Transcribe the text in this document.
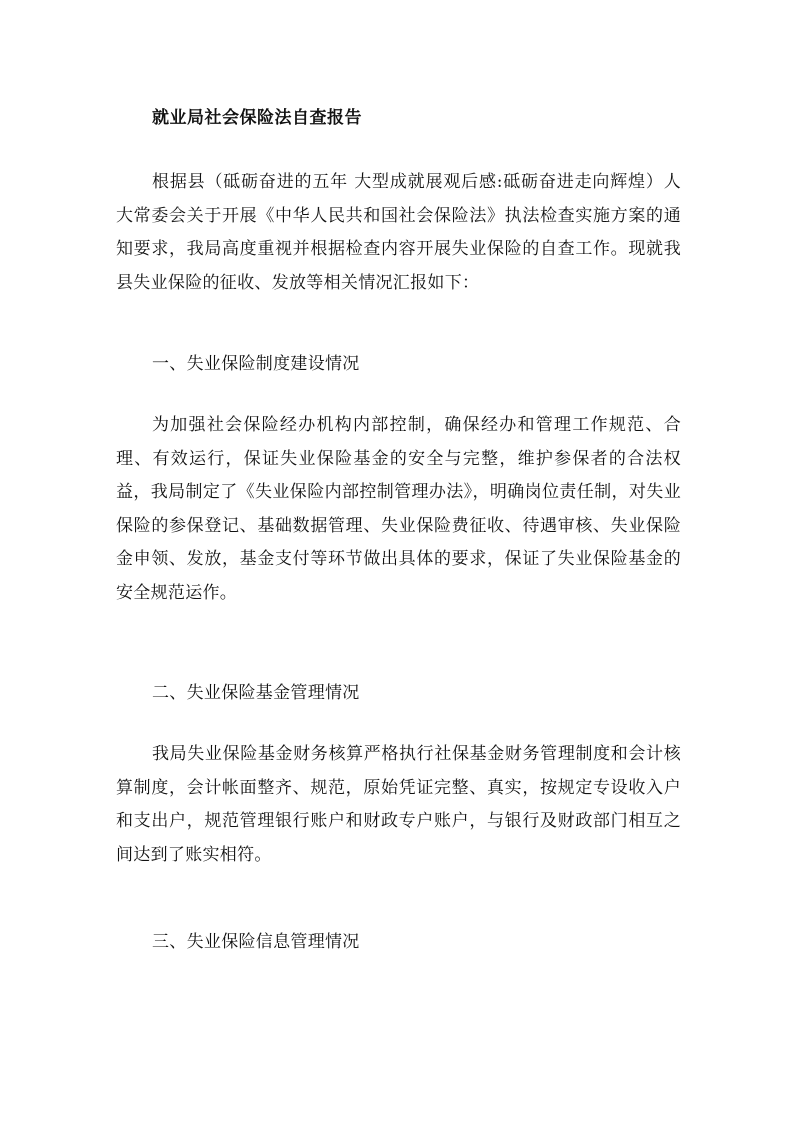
就业局社会保险法自查报告

根据县（砥砺奋进的五年 大型成就展观后感:砥砺奋进走向辉煌）人大常委会关于开展《中华人民共和国社会保险法》执法检查实施方案的通知要求，我局高度重视并根据检查内容开展失业保险的自查工作。现就我县失业保险的征收、发放等相关情况汇报如下：

一、失业保险制度建设情况

为加强社会保险经办机构内部控制，确保经办和管理工作规范、合理、有效运行，保证失业保险基金的安全与完整，维护参保者的合法权益，我局制定了《失业保险内部控制管理办法》，明确岗位责任制，对失业保险的参保登记、基础数据管理、失业保险费征收、待遇审核、失业保险金申领、发放，基金支付等环节做出具体的要求，保证了失业保险基金的安全规范运作。

二、失业保险基金管理情况

我局失业保险基金财务核算严格执行社保基金财务管理制度和会计核算制度，会计帐面整齐、规范，原始凭证完整、真实，按规定专设收入户和支出户，规范管理银行账户和财政专户账户，与银行及财政部门相互之间达到了账实相符。

三、失业保险信息管理情况
